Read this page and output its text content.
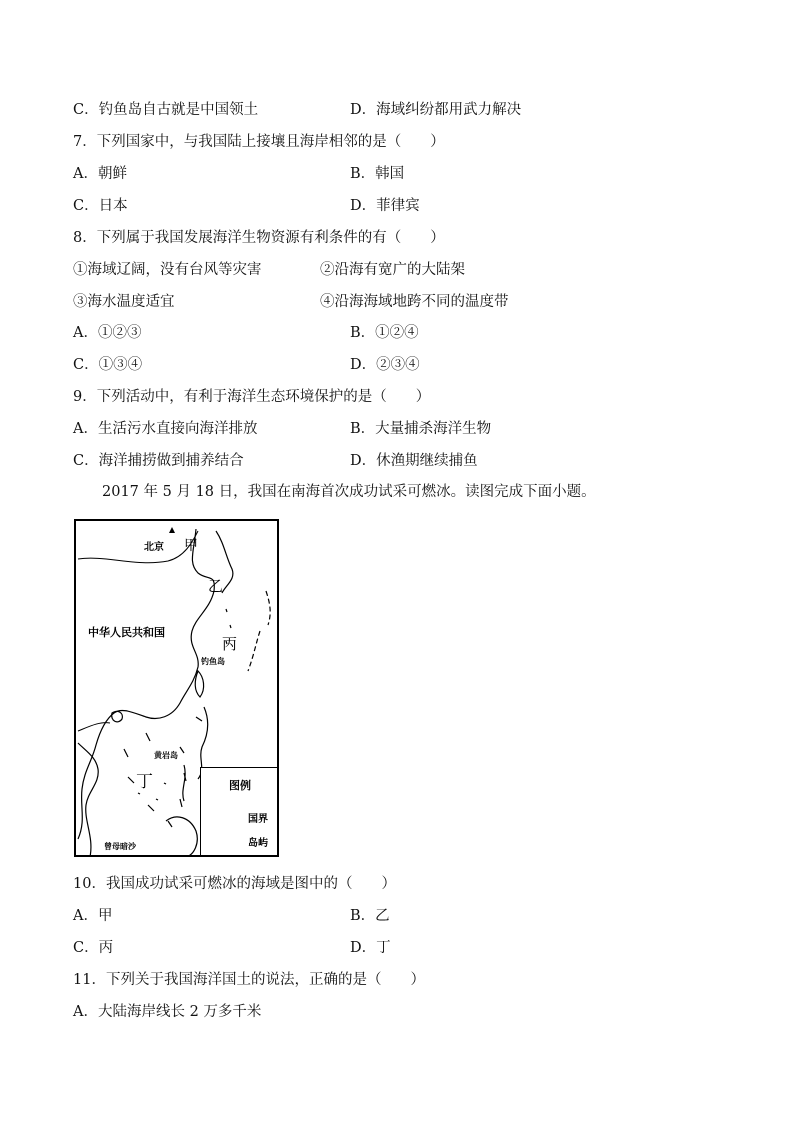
C．钓鱼岛自古就是中国领土	D．海域纠纷都用武力解决
7．下列国家中，与我国陆上接壤且海岸相邻的是（　　）
A．朝鲜	B．韩国
C．日本	D．菲律宾
8．下列属于我国发展海洋生物资源有利条件的有（　　）
①海域辽阔，没有台风等灾害	②沿海有宽广的大陆架
③海水温度适宜	④沿海海域地跨不同的温度带
A．①②③	B．①②④
C．①③④	D．②③④
9．下列活动中，有利于海洋生态环境保护的是（　　）
A．生活污水直接向海洋排放	B．大量捕杀海洋生物
C．海洋捕捞做到捕养结合	D．休渔期继续捕鱼
2017 年 5 月 18 日，我国在南海首次成功试采可燃冰。读图完成下面小题。
北京 甲
乙
中华人民共和国
丙
钓鱼岛
黄岩岛
丁
曾母暗沙
图例
国界
岛屿
10．我国成功试采可燃冰的海域是图中的（　　）
A．甲	B．乙
C．丙	D．丁
11．下列关于我国海洋国土的说法，正确的是（　　）
A．大陆海岸线长 2 万多千米
